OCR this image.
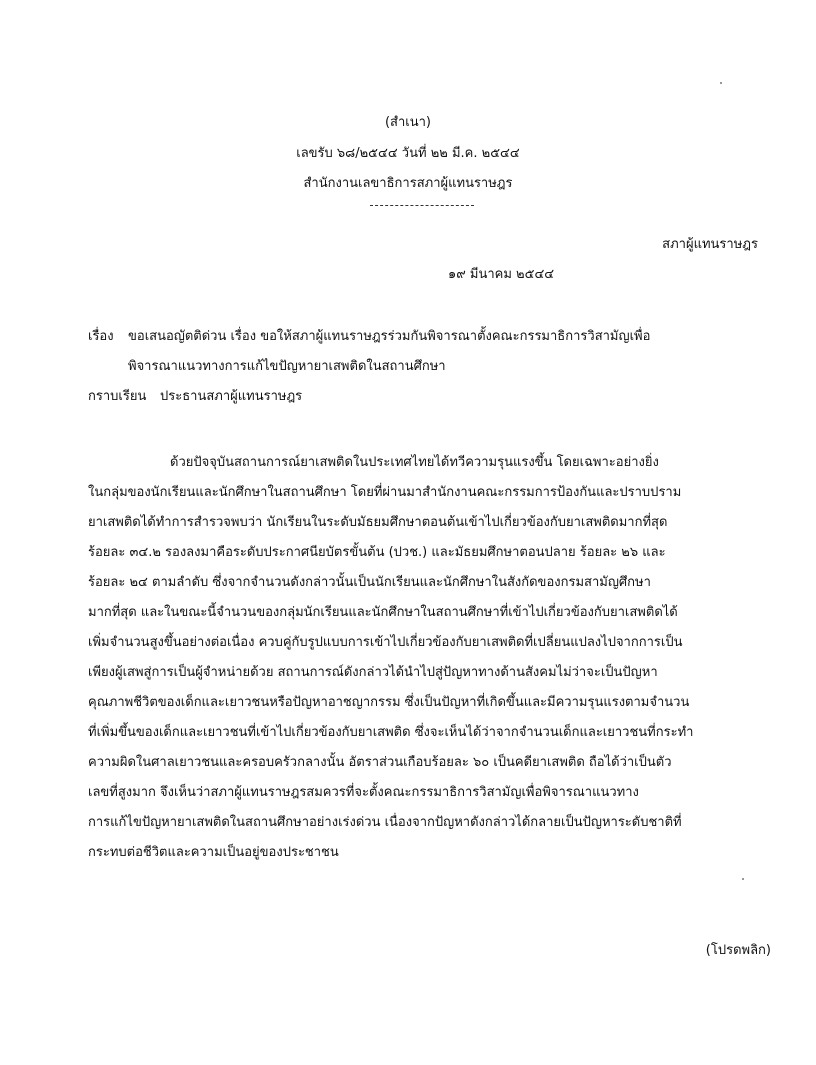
(สำเนา)
เลขรับ ๖๘/๒๕๔๔ วันที่ ๒๒ มี.ค. ๒๕๔๔
สำนักงานเลขาธิการสภาผู้แทนราษฎร
สภาผู้แทนราษฎร
๑๙ มีนาคม ๒๕๔๔
เรื่อง ขอเสนอญัตติด่วน เรื่อง ขอให้สภาผู้แทนราษฎรร่วมกันพิจารณาตั้งคณะกรรมาธิการวิสามัญเพื่อ
พิจารณาแนวทางการแก้ไขปัญหายาเสพติดในสถานศึกษา
กราบเรียน ประธานสภาผู้แทนราษฎร
ด้วยปัจจุบันสถานการณ์ยาเสพติดในประเทศไทยได้ทวีความรุนแรงขึ้น โดยเฉพาะอย่างยิ่ง
ในกลุ่มของนักเรียนและนักศึกษาในสถานศึกษา โดยที่ผ่านมาสำนักงานคณะกรรมการป้องกันและปราบปราม
ยาเสพติดได้ทำการสำรวจพบว่า นักเรียนในระดับมัธยมศึกษาตอนต้นเข้าไปเกี่ยวข้องกับยาเสพติดมากที่สุด
ร้อยละ ๓๔.๒ รองลงมาคือระดับประกาศนียบัตรขั้นต้น (ปวช.) และมัธยมศึกษาตอนปลาย ร้อยละ ๒๖ และ
ร้อยละ ๒๔ ตามลำดับ ซึ่งจากจำนวนดังกล่าวนั้นเป็นนักเรียนและนักศึกษาในสังกัดของกรมสามัญศึกษา
มากที่สุด และในขณะนี้จำนวนของกลุ่มนักเรียนและนักศึกษาในสถานศึกษาที่เข้าไปเกี่ยวข้องกับยาเสพติดได้
เพิ่มจำนวนสูงขึ้นอย่างต่อเนื่อง ควบคู่กับรูปแบบการเข้าไปเกี่ยวข้องกับยาเสพติดที่เปลี่ยนแปลงไปจากการเป็น
เพียงผู้เสพสู่การเป็นผู้จำหน่ายด้วย สถานการณ์ดังกล่าวได้นำไปสู่ปัญหาทางด้านสังคมไม่ว่าจะเป็นปัญหา
คุณภาพชีวิตของเด็กและเยาวชนหรือปัญหาอาชญากรรม ซึ่งเป็นปัญหาที่เกิดขึ้นและมีความรุนแรงตามจำนวน
ที่เพิ่มขึ้นของเด็กและเยาวชนที่เข้าไปเกี่ยวข้องกับยาเสพติด ซึ่งจะเห็นได้ว่าจากจำนวนเด็กและเยาวชนที่กระทำ
ความผิดในศาลเยาวชนและครอบครัวกลางนั้น อัตราส่วนเกือบร้อยละ ๖๐ เป็นคดียาเสพติด ถือได้ว่าเป็นตัว
เลขที่สูงมาก จึงเห็นว่าสภาผู้แทนราษฎรสมควรที่จะตั้งคณะกรรมาธิการวิสามัญเพื่อพิจารณาแนวทาง
การแก้ไขปัญหายาเสพติดในสถานศึกษาอย่างเร่งด่วน เนื่องจากปัญหาดังกล่าวได้กลายเป็นปัญหาระดับชาติที่
กระทบต่อชีวิตและความเป็นอยู่ของประชาชน
(โปรดพลิก)
